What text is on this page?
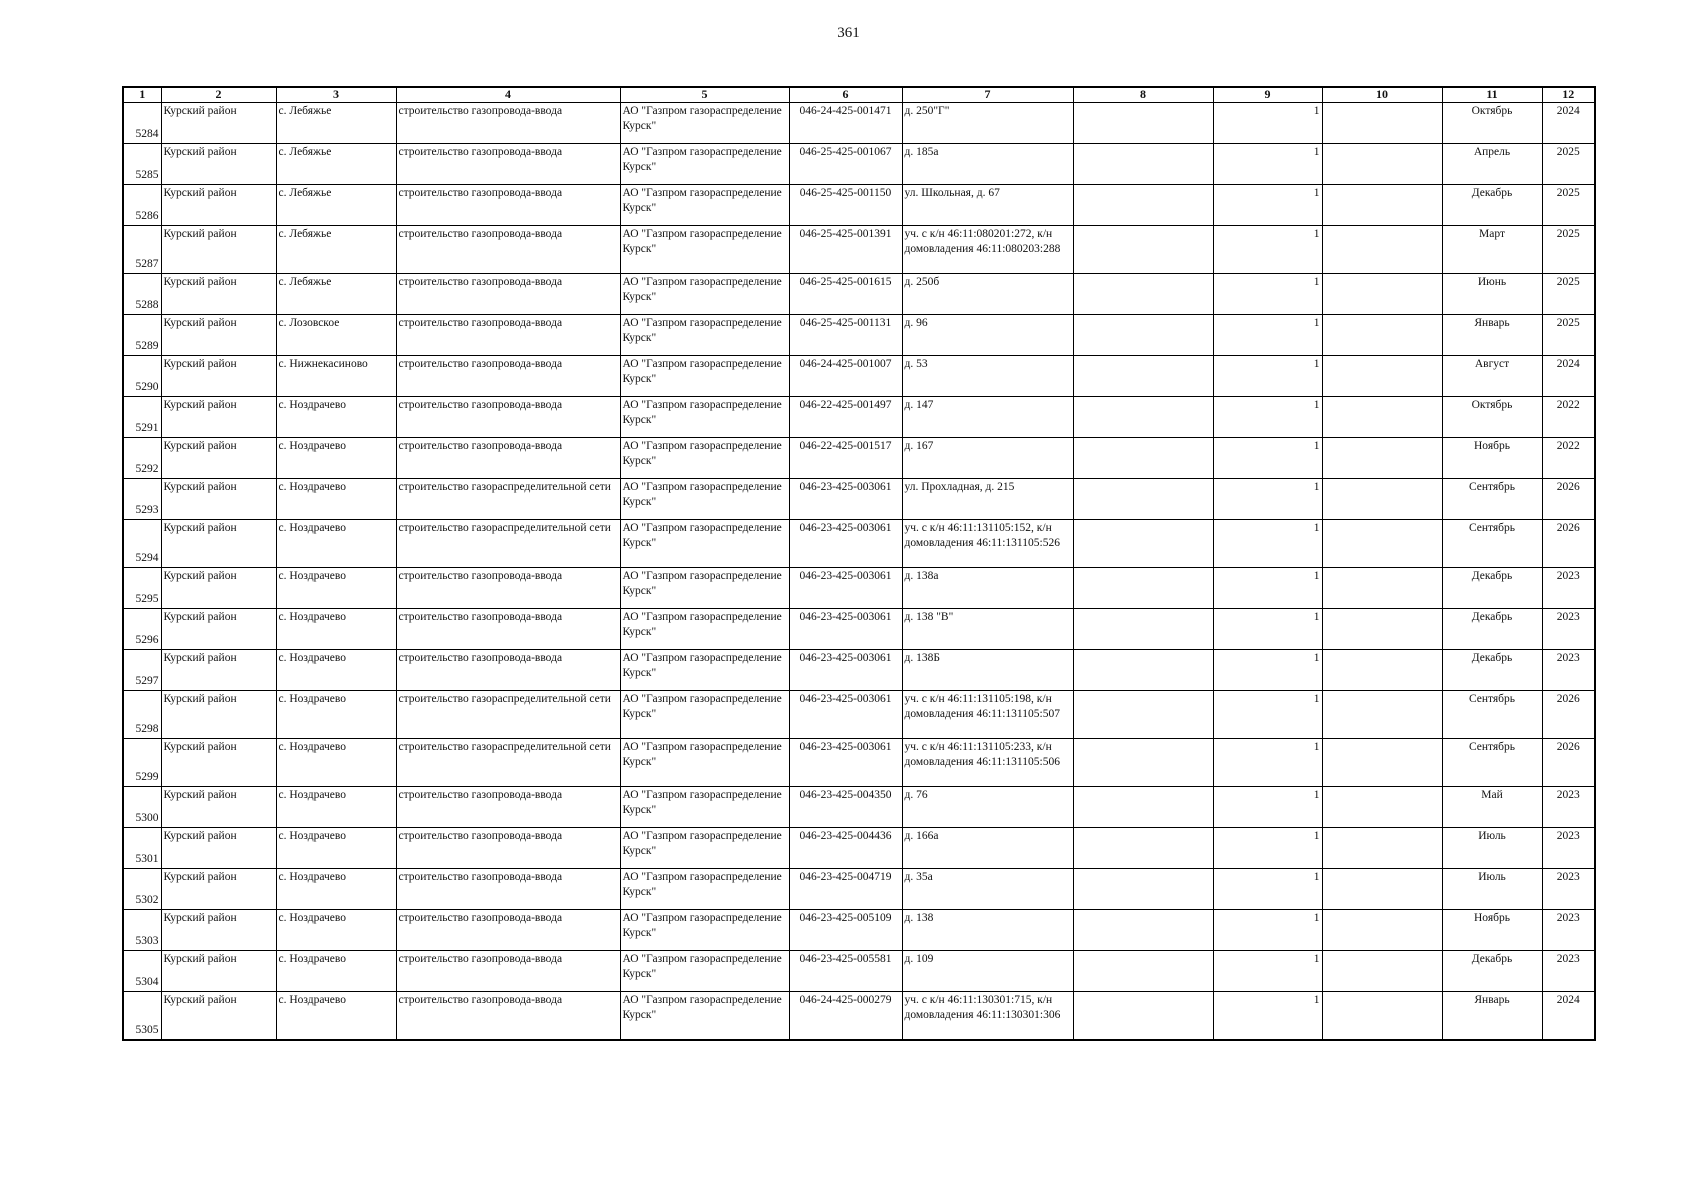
361
1	2	3	4	5	6	7	8	9	10	11	12
5284	Курский район	с. Лебяжье	строительство газопровода-ввода	АО "Газпром газораспределение Курск"	046-24-425-001471	д. 250"Г"		1		Октябрь	2024
5285	Курский район	с. Лебяжье	строительство газопровода-ввода	АО "Газпром газораспределение Курск"	046-25-425-001067	д. 185а		1		Апрель	2025
5286	Курский район	с. Лебяжье	строительство газопровода-ввода	АО "Газпром газораспределение Курск"	046-25-425-001150	ул. Школьная, д. 67		1		Декабрь	2025
5287	Курский район	с. Лебяжье	строительство газопровода-ввода	АО "Газпром газораспределение Курск"	046-25-425-001391	уч. с к/н 46:11:080201:272, к/н домовладения 46:11:080203:288		1		Март	2025
5288	Курский район	с. Лебяжье	строительство газопровода-ввода	АО "Газпром газораспределение Курск"	046-25-425-001615	д. 250б		1		Июнь	2025
5289	Курский район	с. Лозовское	строительство газопровода-ввода	АО "Газпром газораспределение Курск"	046-25-425-001131	д. 96		1		Январь	2025
5290	Курский район	с. Нижнекасиново	строительство газопровода-ввода	АО "Газпром газораспределение Курск"	046-24-425-001007	д. 53		1		Август	2024
5291	Курский район	с. Ноздрачево	строительство газопровода-ввода	АО "Газпром газораспределение Курск"	046-22-425-001497	д. 147		1		Октябрь	2022
5292	Курский район	с. Ноздрачево	строительство газопровода-ввода	АО "Газпром газораспределение Курск"	046-22-425-001517	д. 167		1		Ноябрь	2022
5293	Курский район	с. Ноздрачево	строительство газораспределительной сети	АО "Газпром газораспределение Курск"	046-23-425-003061	ул. Прохладная, д. 215		1		Сентябрь	2026
5294	Курский район	с. Ноздрачево	строительство газораспределительной сети	АО "Газпром газораспределение Курск"	046-23-425-003061	уч. с к/н 46:11:131105:152, к/н домовладения 46:11:131105:526		1		Сентябрь	2026
5295	Курский район	с. Ноздрачево	строительство газопровода-ввода	АО "Газпром газораспределение Курск"	046-23-425-003061	д. 138а		1		Декабрь	2023
5296	Курский район	с. Ноздрачево	строительство газопровода-ввода	АО "Газпром газораспределение Курск"	046-23-425-003061	д. 138 "В"		1		Декабрь	2023
5297	Курский район	с. Ноздрачево	строительство газопровода-ввода	АО "Газпром газораспределение Курск"	046-23-425-003061	д. 138Б		1		Декабрь	2023
5298	Курский район	с. Ноздрачево	строительство газораспределительной сети	АО "Газпром газораспределение Курск"	046-23-425-003061	уч. с к/н 46:11:131105:198, к/н домовладения 46:11:131105:507		1		Сентябрь	2026
5299	Курский район	с. Ноздрачево	строительство газораспределительной сети	АО "Газпром газораспределение Курск"	046-23-425-003061	уч. с к/н 46:11:131105:233, к/н домовладения 46:11:131105:506		1		Сентябрь	2026
5300	Курский район	с. Ноздрачево	строительство газопровода-ввода	АО "Газпром газораспределение Курск"	046-23-425-004350	д. 76		1		Май	2023
5301	Курский район	с. Ноздрачево	строительство газопровода-ввода	АО "Газпром газораспределение Курск"	046-23-425-004436	д. 166а		1		Июль	2023
5302	Курский район	с. Ноздрачево	строительство газопровода-ввода	АО "Газпром газораспределение Курск"	046-23-425-004719	д. 35а		1		Июль	2023
5303	Курский район	с. Ноздрачево	строительство газопровода-ввода	АО "Газпром газораспределение Курск"	046-23-425-005109	д. 138		1		Ноябрь	2023
5304	Курский район	с. Ноздрачево	строительство газопровода-ввода	АО "Газпром газораспределение Курск"	046-23-425-005581	д. 109		1		Декабрь	2023
5305	Курский район	с. Ноздрачево	строительство газопровода-ввода	АО "Газпром газораспределение Курск"	046-24-425-000279	уч. с к/н 46:11:130301:715, к/н домовладения 46:11:130301:306		1		Январь	2024
